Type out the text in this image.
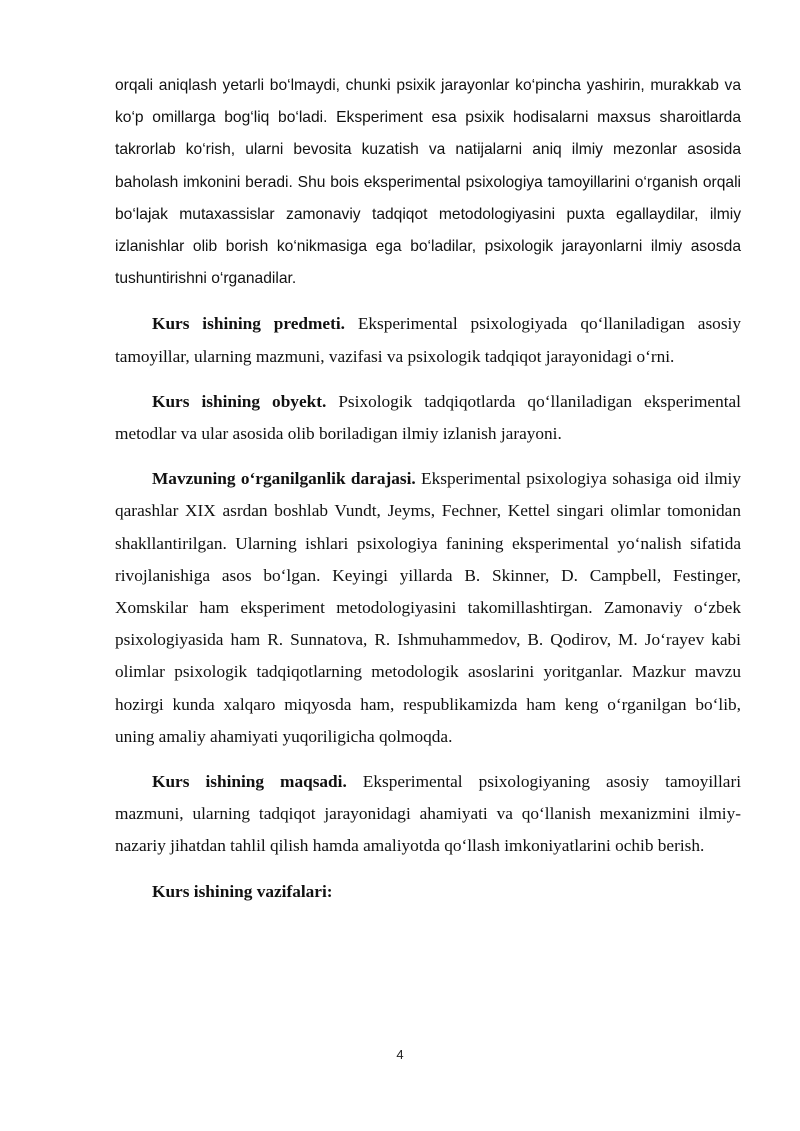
orqali aniqlash yetarli bo‘lmaydi, chunki psixik jarayonlar ko‘pincha yashirin, murakkab va ko‘p omillarga bog‘liq bo‘ladi. Eksperiment esa psixik hodisalarni maxsus sharoitlarda takrorlab ko‘rish, ularni bevosita kuzatish va natijalarni aniq ilmiy mezonlar asosida baholash imkonini beradi. Shu bois eksperimental psixologiya tamoyillarini o‘rganish orqali bo‘lajak mutaxassislar zamonaviy tadqiqot metodologiyasini puxta egallaydilar, ilmiy izlanishlar olib borish ko‘nikmasiga ega bo‘ladilar, psixologik jarayonlarni ilmiy asosda tushuntirishni o‘rganadilar.

Kurs ishining predmeti. Eksperimental psixologiyada qo‘llaniladigan asosiy tamoyillar, ularning mazmuni, vazifasi va psixologik tadqiqot jarayonidagi o‘rni.

Kurs ishining obyekt. Psixologik tadqiqotlarda qo‘llaniladigan eksperimental metodlar va ular asosida olib boriladigan ilmiy izlanish jarayoni.

Mavzuning o‘rganilganlik darajasi. Eksperimental psixologiya sohasiga oid ilmiy qarashlar XIX asrdan boshlab Vundt, Jeyms, Fechner, Kettel singari olimlar tomonidan shakllantirilgan. Ularning ishlari psixologiya fanining eksperimental yo‘nalish sifatida rivojlanishiga asos bo‘lgan. Keyingi yillarda B. Skinner, D. Campbell, Festinger, Xomskilar ham eksperiment metodologiyasini takomillashtirgan. Zamonaviy o‘zbek psixologiyasida ham R. Sunnatova, R. Ishmuhammedov, B. Qodirov, M. Jo‘rayev kabi olimlar psixologik tadqiqotlarning metodologik asoslarini yoritganlar. Mazkur mavzu hozirgi kunda xalqaro miqyosda ham, respublikamizda ham keng o‘rganilgan bo‘lib, uning amaliy ahamiyati yuqoriligicha qolmoqda.

Kurs ishining maqsadi. Eksperimental psixologiyaning asosiy tamoyillari mazmuni, ularning tadqiqot jarayonidagi ahamiyati va qo‘llanish mexanizmini ilmiy-nazariy jihatdan tahlil qilish hamda amaliyotda qo‘llash imkoniyatlarini ochib berish.

Kurs ishining vazifalari:

4
